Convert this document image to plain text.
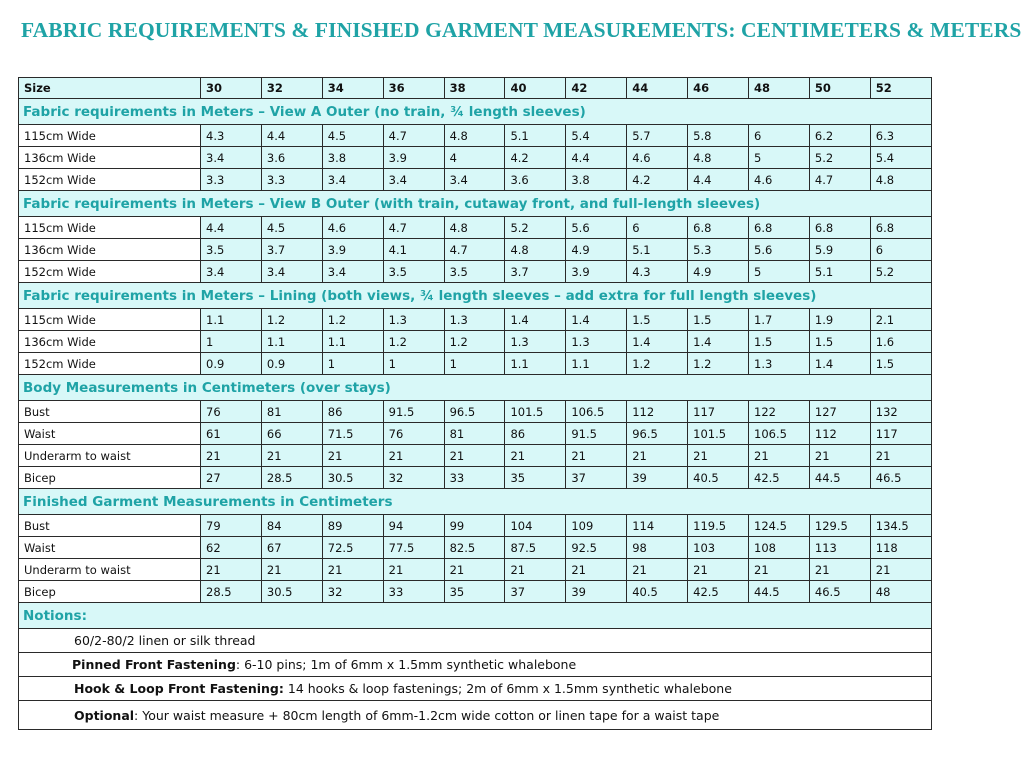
FABRIC REQUIREMENTS & FINISHED GARMENT MEASUREMENTS: CENTIMETERS & METERS
Size	30	32	34	36	38	40	42	44	46	48	50	52
Fabric requirements in Meters – View A Outer (no train, ¾ length sleeves)												
115cm Wide	4.3	4.4	4.5	4.7	4.8	5.1	5.4	5.7	5.8	6	6.2	6.3
136cm Wide	3.4	3.6	3.8	3.9	4	4.2	4.4	4.6	4.8	5	5.2	5.4
152cm Wide	3.3	3.3	3.4	3.4	3.4	3.6	3.8	4.2	4.4	4.6	4.7	4.8
Fabric requirements in Meters – View B Outer (with train, cutaway front, and full-length sleeves)												
115cm Wide	4.4	4.5	4.6	4.7	4.8	5.2	5.6	6	6.8	6.8	6.8	6.8
136cm Wide	3.5	3.7	3.9	4.1	4.7	4.8	4.9	5.1	5.3	5.6	5.9	6
152cm Wide	3.4	3.4	3.4	3.5	3.5	3.7	3.9	4.3	4.9	5	5.1	5.2
Fabric requirements in Meters – Lining (both views, ¾ length sleeves – add extra for full length sleeves)												
115cm Wide	1.1	1.2	1.2	1.3	1.3	1.4	1.4	1.5	1.5	1.7	1.9	2.1
136cm Wide	1	1.1	1.1	1.2	1.2	1.3	1.3	1.4	1.4	1.5	1.5	1.6
152cm Wide	0.9	0.9	1	1	1	1.1	1.1	1.2	1.2	1.3	1.4	1.5
Body Measurements in Centimeters (over stays)												
Bust	76	81	86	91.5	96.5	101.5	106.5	112	117	122	127	132
Waist	61	66	71.5	76	81	86	91.5	96.5	101.5	106.5	112	117
Underarm to waist	21	21	21	21	21	21	21	21	21	21	21	21
Bicep	27	28.5	30.5	32	33	35	37	39	40.5	42.5	44.5	46.5
Finished Garment Measurements in Centimeters												
Bust	79	84	89	94	99	104	109	114	119.5	124.5	129.5	134.5
Waist	62	67	72.5	77.5	82.5	87.5	92.5	98	103	108	113	118
Underarm to waist	21	21	21	21	21	21	21	21	21	21	21	21
Bicep	28.5	30.5	32	33	35	37	39	40.5	42.5	44.5	46.5	48
Notions:												
60/2-80/2 linen or silk thread												
Pinned Front Fastening: 6-10 pins; 1m of 6mm x 1.5mm synthetic whalebone												
Hook & Loop Front Fastening: 14 hooks & loop fastenings; 2m of 6mm x 1.5mm synthetic whalebone												
Optional: Your waist measure + 80cm length of 6mm-1.2cm wide cotton or linen tape for a waist tape												
